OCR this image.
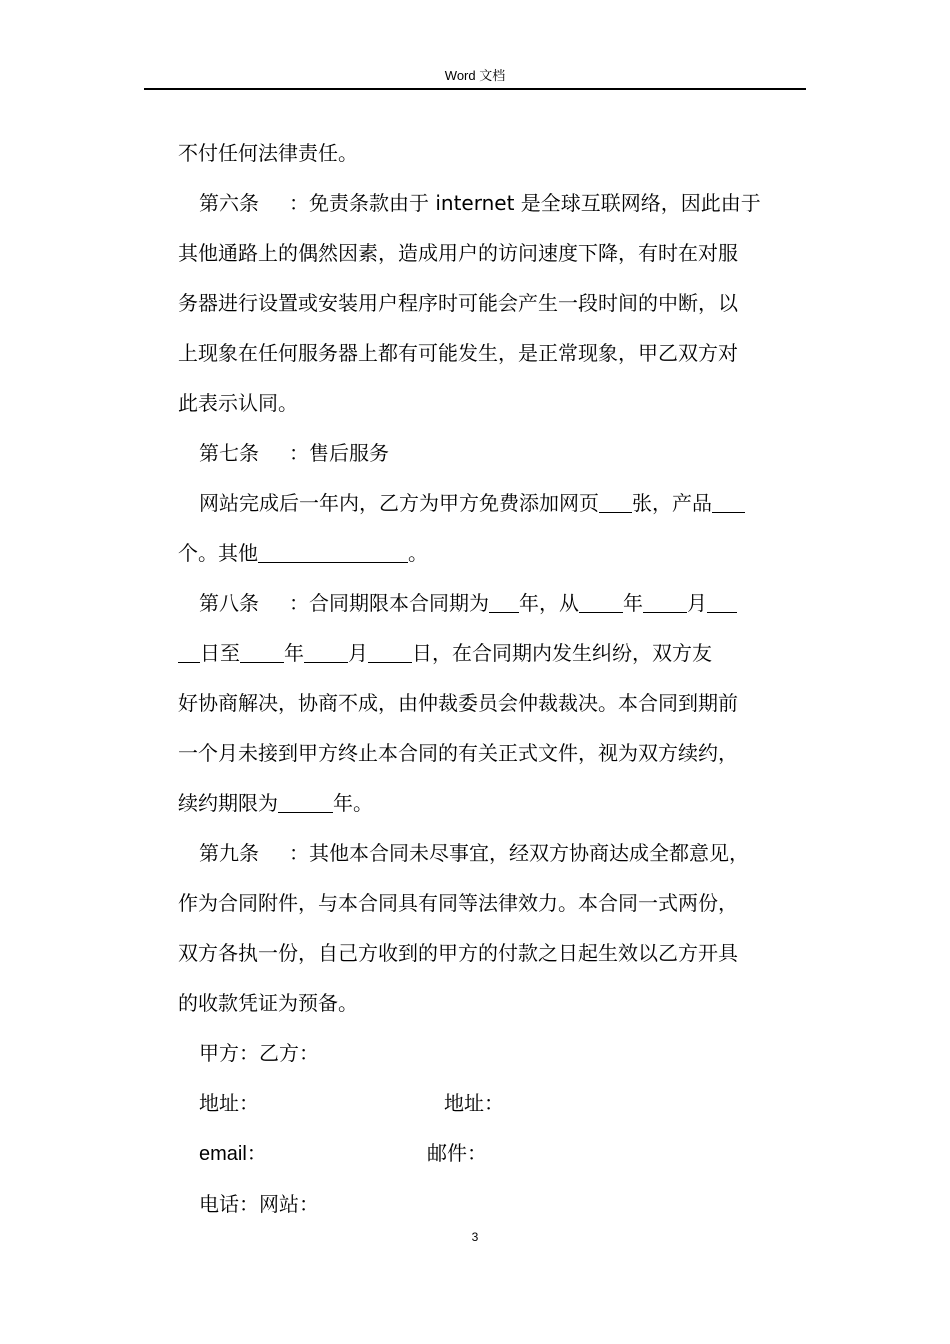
Word 文档

不付任何法律责任。

第六条 ：免责条款由于 internet 是全球互联网络，因此由于

其他通路上的偶然因素，造成用户的访问速度下降，有时在对服

务器进行设置或安装用户程序时可能会产生一段时间的中断，以

上现象在任何服务器上都有可能发生，是正常现象，甲乙双方对

此表示认同。

第七条 ：售后服务

网站完成后一年内，乙方为甲方免费添加网页 张，产品

个。其他	。

第八条 ：合同期限本合同期为 年，从 年 月

日至 年 月 日，在合同期内发生纠纷，双方友

好协商解决，协商不成，由仲裁委员会仲裁裁决。本合同到期前

一个月未接到甲方终止本合同的有关正式文件，视为双方续约，

续约期限为	年。

第九条 ：其他本合同未尽事宜，经双方协商达成全都意见，

作为合同附件，与本合同具有同等法律效力。本合同一式两份，

双方各执一份，自己方收到的甲方的付款之日起生效以乙方开具

的收款凭证为预备。

甲方：乙方：

地址：	地址：

email：	邮件：

电话：网站：

3
